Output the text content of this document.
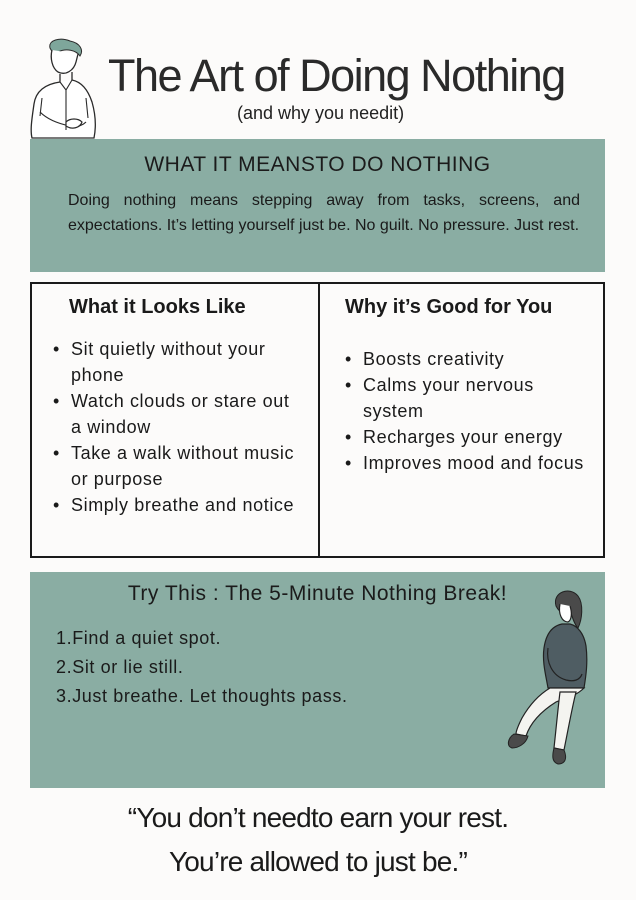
The Art of Doing Nothing
(and why you needit)
WHAT IT MEANSTO DO NOTHING
Doing nothing means stepping away from tasks, screens, and expectations. It’s letting yourself just be. No guilt. No pressure. Just rest.
What it Looks Like
• Sit quietly without your phone
• Watch clouds or stare out a window
• Take a walk without music or purpose
• Simply breathe and notice
Why it’s Good for You
• Boosts creativity
• Calms your nervous system
• Recharges your energy
• Improves mood and focus
Try This : The 5-Minute Nothing Break!
1.Find a quiet spot.
2.Sit or lie still.
3.Just breathe. Let thoughts pass.
“You don’t needto earn your rest.
You’re allowed to just be.”
